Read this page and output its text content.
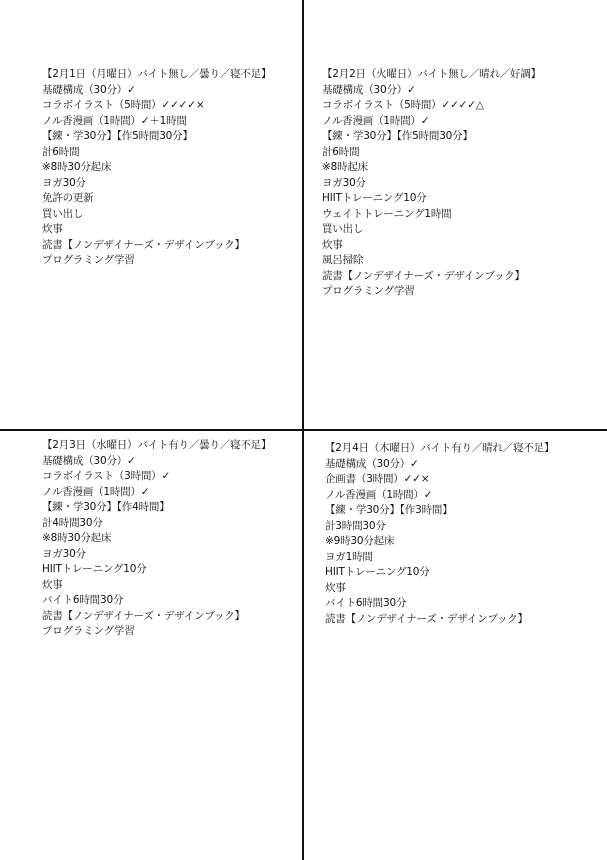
【2月1日（月曜日）バイト無し／曇り／寝不足】
基礎構成（30分）✓
コラボイラスト（5時間）✓✓✓✓×
ノル香漫画（1時間）✓＋1時間
【練・学30分】【作5時間30分】
計6時間
※8時30分起床
ヨガ30分
免許の更新
買い出し
炊事
読書【ノンデザイナーズ・デザインブック】
プログラミング学習
【2月2日（火曜日）バイト無し／晴れ／好調】
基礎構成（30分）✓
コラボイラスト（5時間）✓✓✓✓△
ノル香漫画（1時間）✓
【練・学30分】【作5時間30分】
計6時間
※8時起床
ヨガ30分
HIITトレーニング10分
ウェイトトレーニング1時間
買い出し
炊事
風呂掃除
読書【ノンデザイナーズ・デザインブック】
プログラミング学習
【2月3日（水曜日）バイト有り／曇り／寝不足】
基礎構成（30分）✓
コラボイラスト（3時間）✓
ノル香漫画（1時間）✓
【練・学30分】【作4時間】
計4時間30分
※8時30分起床
ヨガ30分
HIITトレーニング10分
炊事
バイト6時間30分
読書【ノンデザイナーズ・デザインブック】
プログラミング学習
【2月4日（木曜日）バイト有り／晴れ／寝不足】
基礎構成（30分）✓
企画書（3時間）✓✓×
ノル香漫画（1時間）✓
【練・学30分】【作3時間】
計3時間30分
※9時30分起床
ヨガ1時間
HIITトレーニング10分
炊事
バイト6時間30分
読書【ノンデザイナーズ・デザインブック】
